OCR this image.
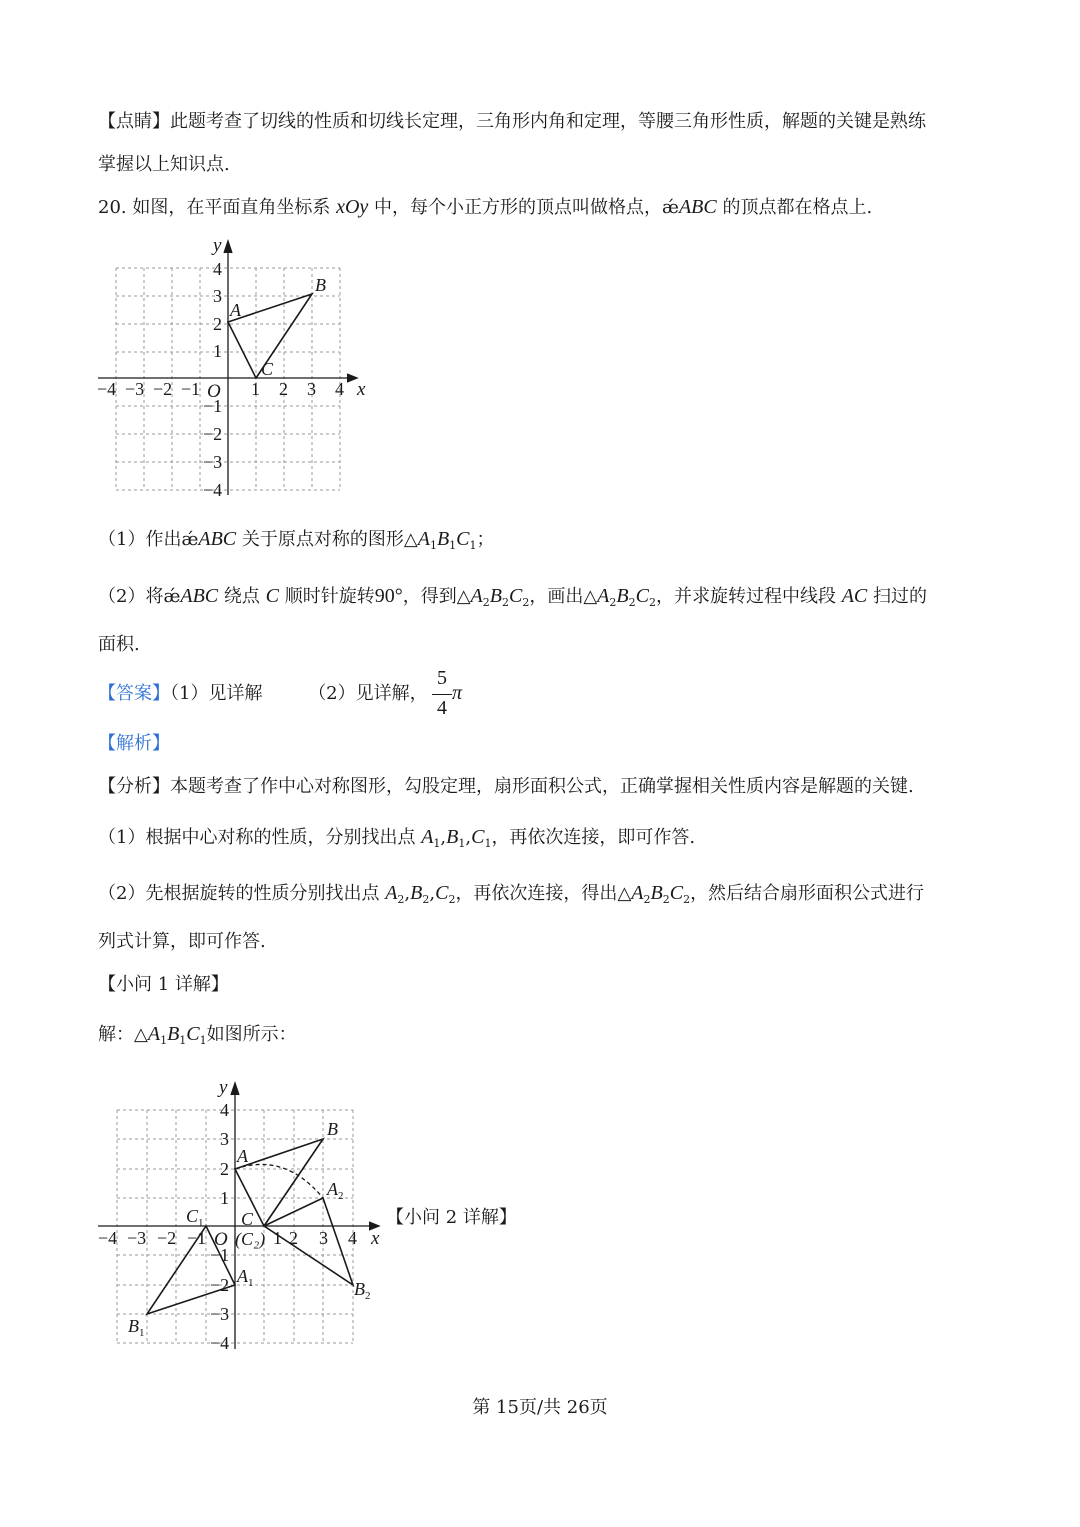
【点睛】此题考查了切线的性质和切线长定理，三角形内角和定理，等腰三角形性质，解题的关键是熟练
掌握以上知识点.
20. 如图，在平面直角坐标系 xOy 中，每个小正方形的顶点叫做格点，ǽABC 的顶点都在格点上.
y
x
O
−4 −3 −2 −1	1 2 3 4
4
3
2
1
−1
−2
−3
−4
A
B
C
（1）作出ǽABC 关于原点对称的图形$\triangle A_1B_1C_1$；
（2）将ǽABC 绕点 C 顺时针旋转90°，得到$\triangle A_2B_2C_2$，画出$\triangle A_2B_2C_2$，并求旋转过程中线段 AC 扫过的
面积.
【答案】（1）见详解	（2）见详解，
5
4
π
【解析】
【分析】本题考查了作中心对称图形，勾股定理，扇形面积公式，正确掌握相关性质内容是解题的关键.
（1）根据中心对称的性质，分别找出点 $A_1,B_1,C_1$，再依次连接，即可作答.
（2）先根据旋转的性质分别找出点 $A_2,B_2,C_2$，再依次连接，得出$\triangle A_2B_2C_2$，然后结合扇形面积公式进行
列式计算，即可作答.
【小问 1 详解】
解：$\triangle A_1B_1C_1$如图所示：
y
x
O (C₂)
−4 −3 −2 −1	1 2 3 4
4
3
2
1
−1
−2
−3
−4
A
B
C
$C_1$
$A_1$
$B_1$
$A_2$
$B_2$
【小问 2 详解】
第 15页/共 26页
